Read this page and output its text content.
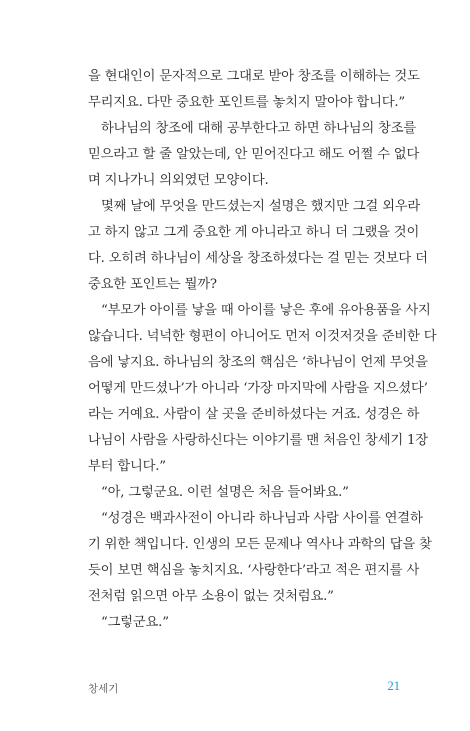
을 현대인이 문자적으로 그대로 받아 창조를 이해하는 것도
무리지요. 다만 중요한 포인트를 놓치지 말아야 합니다.”
하나님의 창조에 대해 공부한다고 하면 하나님의 창조를
믿으라고 할 줄 알았는데, 안 믿어진다고 해도 어쩔 수 없다
며 지나가니 의외였던 모양이다.
몇째 날에 무엇을 만드셨는지 설명은 했지만 그걸 외우라
고 하지 않고 그게 중요한 게 아니라고 하니 더 그랬을 것이
다. 오히려 하나님이 세상을 창조하셨다는 걸 믿는 것보다 더
중요한 포인트는 뭘까?
“부모가 아이를 낳을 때 아이를 낳은 후에 유아용품을 사지
않습니다. 넉넉한 형편이 아니어도 먼저 이것저것을 준비한 다
음에 낳지요. 하나님의 창조의 핵심은 ‘하나님이 언제 무엇을
어떻게 만드셨나’가 아니라 ‘가장 마지막에 사람을 지으셨다’
라는 거예요. 사람이 살 곳을 준비하셨다는 거죠. 성경은 하
나님이 사람을 사랑하신다는 이야기를 맨 처음인 창세기 1장
부터 합니다.”
“아, 그렇군요. 이런 설명은 처음 들어봐요.”
“성경은 백과사전이 아니라 하나님과 사람 사이를 연결하
기 위한 책입니다. 인생의 모든 문제나 역사나 과학의 답을 찾
듯이 보면 핵심을 놓치지요. ‘사랑한다’라고 적은 편지를 사
전처럼 읽으면 아무 소용이 없는 것처럼요.”
“그렇군요.”
창세기	21
